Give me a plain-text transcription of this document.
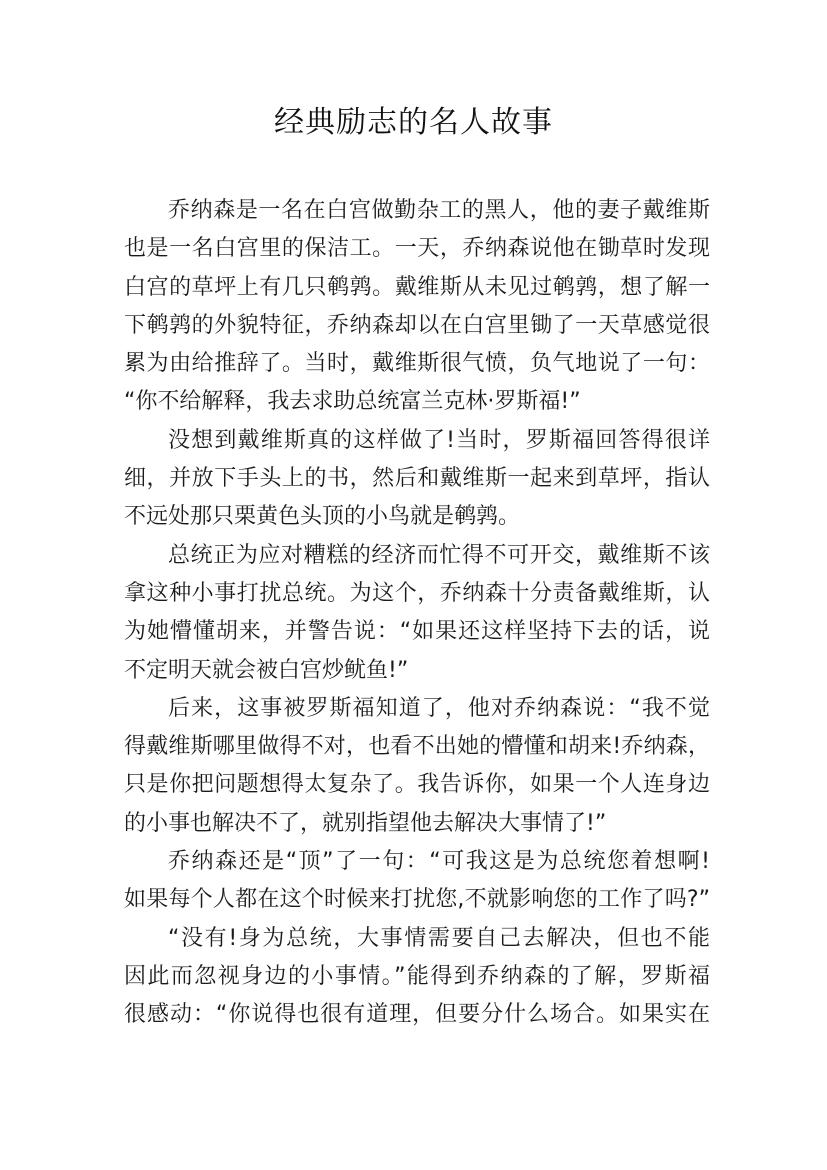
经典励志的名人故事
乔纳森是一名在白宫做勤杂工的黑人，他的妻子戴维斯
也是一名白宫里的保洁工。一天，乔纳森说他在锄草时发现
白宫的草坪上有几只鹌鹑。戴维斯从未见过鹌鹑，想了解一
下鹌鹑的外貌特征，乔纳森却以在白宫里锄了一天草感觉很
累为由给推辞了。当时，戴维斯很气愤，负气地说了一句：
“你不给解释，我去求助总统富兰克林·罗斯福!”
没想到戴维斯真的这样做了!当时，罗斯福回答得很详
细，并放下手头上的书，然后和戴维斯一起来到草坪，指认
不远处那只栗黄色头顶的小鸟就是鹌鹑。
总统正为应对糟糕的经济而忙得不可开交，戴维斯不该
拿这种小事打扰总统。为这个，乔纳森十分责备戴维斯，认
为她懵懂胡来，并警告说：“如果还这样坚持下去的话，说
不定明天就会被白宫炒鱿鱼!”
后来，这事被罗斯福知道了，他对乔纳森说：“我不觉
得戴维斯哪里做得不对，也看不出她的懵懂和胡来!乔纳森，
只是你把问题想得太复杂了。我告诉你，如果一个人连身边
的小事也解决不了，就别指望他去解决大事情了!”
乔纳森还是“顶”了一句：“可我这是为总统您着想啊!
如果每个人都在这个时候来打扰您,不就影响您的工作了吗?”
“没有!身为总统，大事情需要自己去解决，但也不能
因此而忽视身边的小事情。”能得到乔纳森的了解，罗斯福
很感动：“你说得也很有道理，但要分什么场合。如果实在
